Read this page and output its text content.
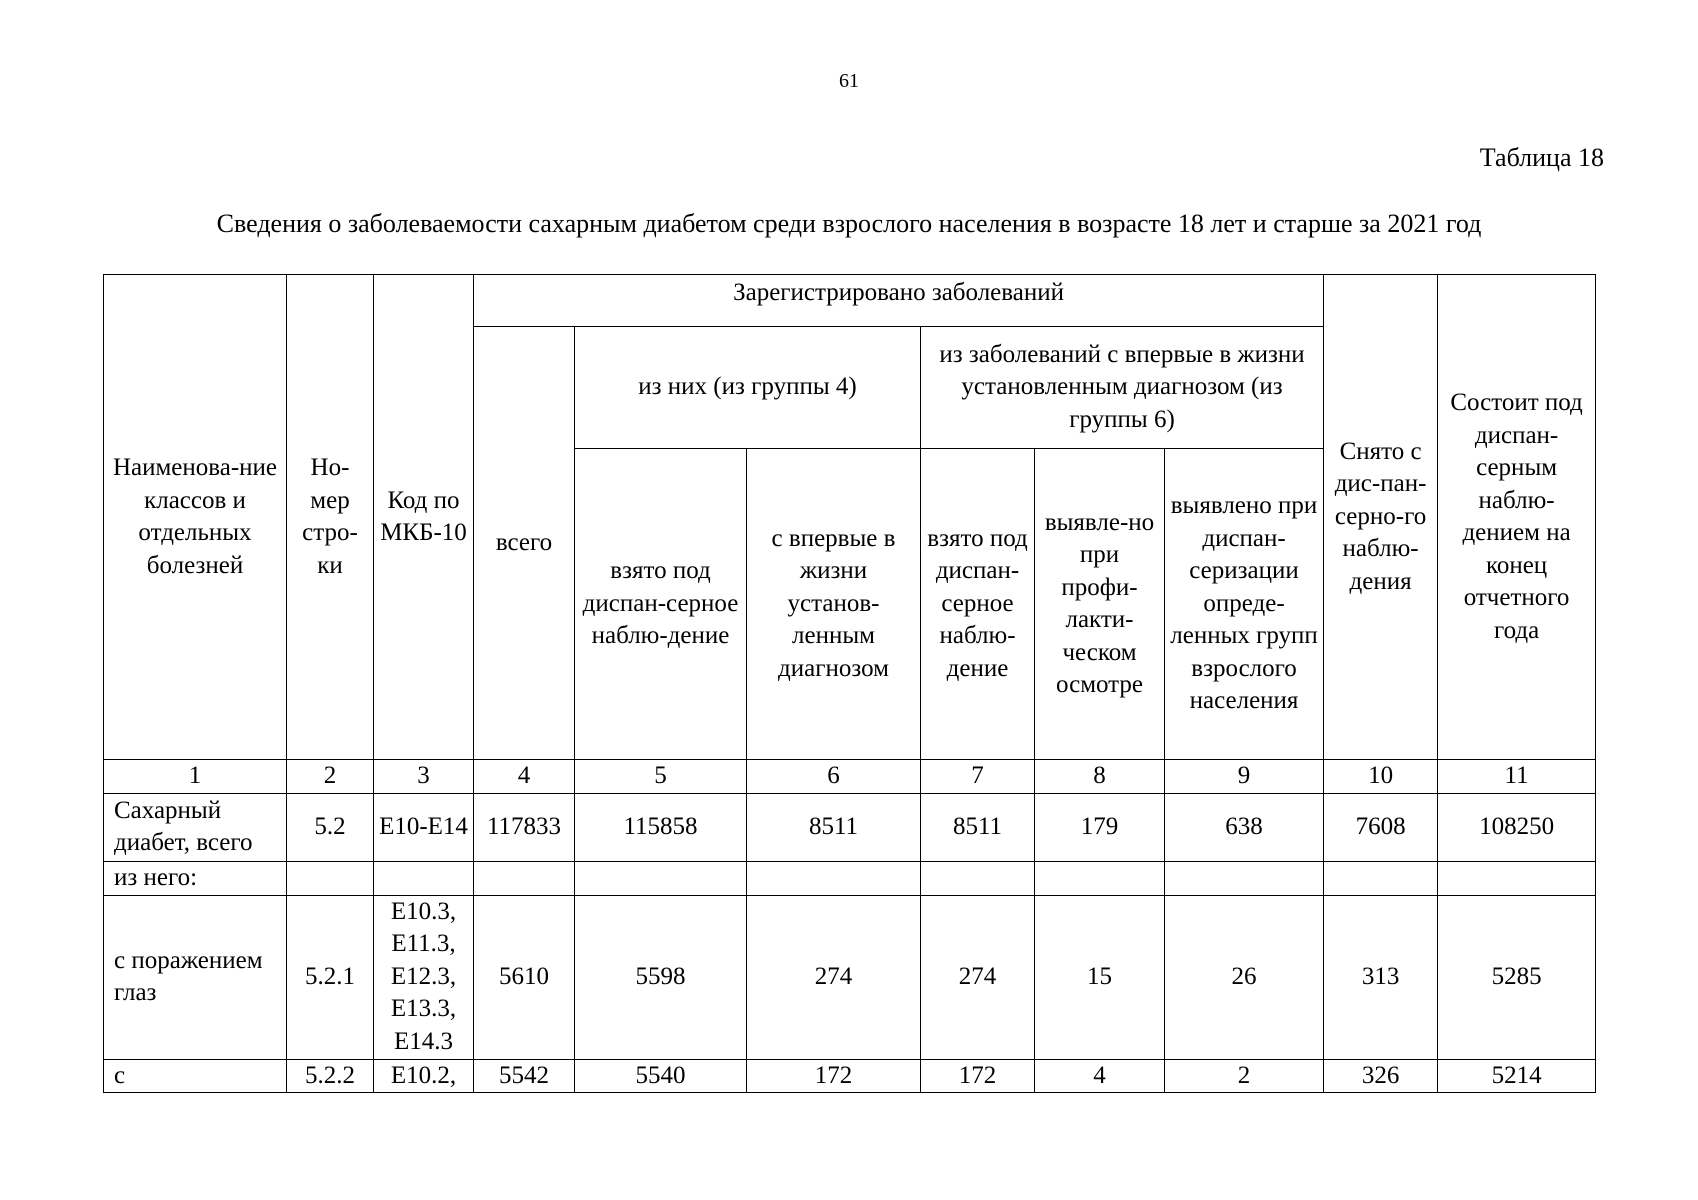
61
Таблица 18
Сведения о заболеваемости сахарным диабетом среди взрослого населения в возрасте 18 лет и старше за 2021 год
Наименова-ние классов и отдельных болезней	Но-мер стро-ки	Код по МКБ-10	Зарегистрировано заболеваний						Снято с дис-пан-серно-го наблю-дения	Состоит под диспан-серным наблю-дением на конец отчетного года
			всего	из них (из группы 4)		из заболеваний с впервые в жизни установленным диагнозом (из группы 6)				
				взято под диспан-серное наблю-дение	с впервые в жизни установ-ленным диагнозом	взято под диспан-серное наблю-дение	выявле-но при профи-лакти-ческом осмотре	выявлено при диспан-серизации опреде-ленных групп взрослого населения		
1	2	3	4	5	6	7	8	9	10	11
Сахарный диабет, всего	5.2	E10-E14	117833	115858	8511	8511	179	638	7608	108250
из него:										
с поражением глаз	5.2.1	E10.3, E11.3, E12.3, E13.3, E14.3	5610	5598	274	274	15	26	313	5285
с	5.2.2	E10.2,	5542	5540	172	172	4	2	326	5214
